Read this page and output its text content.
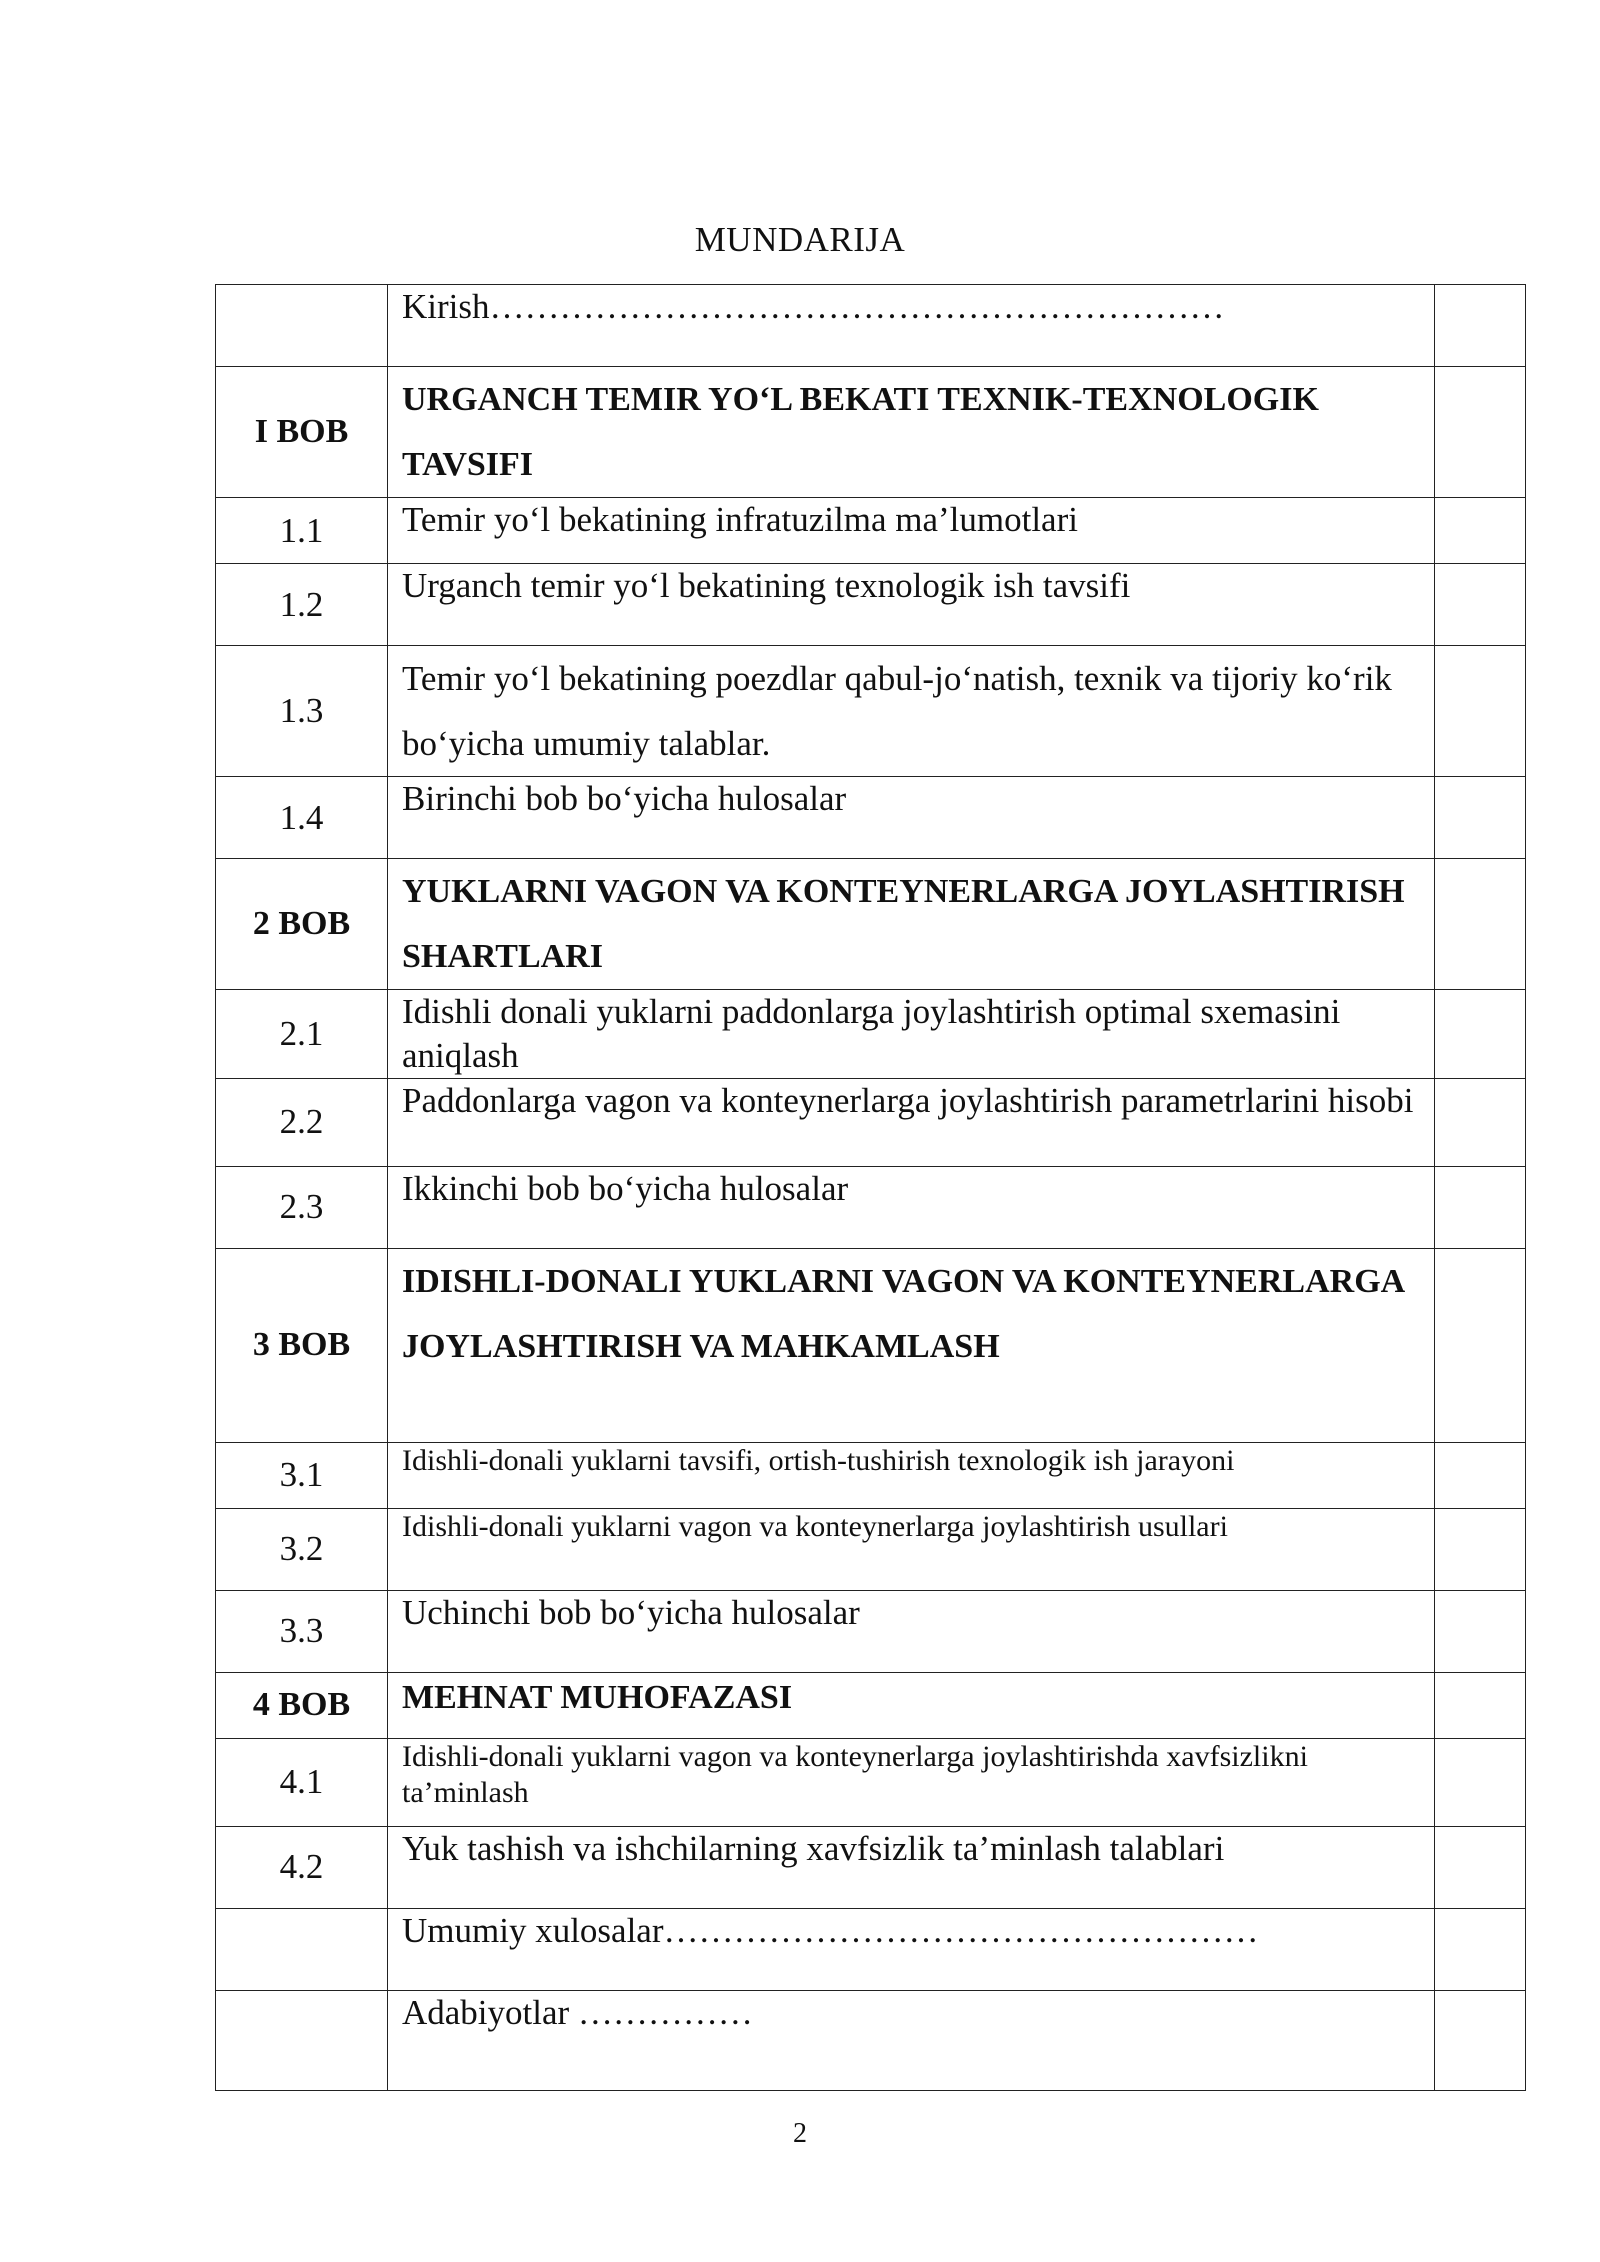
MUNDARIJA
	Kirish………………………………………………………	
I BOB	URGANCH TEMIR YO‘L BEKATI TEXNIK-TEXNOLOGIK TAVSIFI	
1.1	Temir yo‘l bekatining infratuzilma ma’lumotlari	
1.2	Urganch temir yo‘l bekatining texnologik ish tavsifi	
1.3	Temir yo‘l bekatining poezdlar qabul-jo‘natish, texnik va tijoriy ko‘rik bo‘yicha umumiy talablar.	
1.4	Birinchi bob bo‘yicha hulosalar	
2 BOB	YUKLARNI VAGON VA KONTEYNERLARGA JOYLASHTIRISH SHARTLARI	
2.1	Idishli donali yuklarni paddonlarga joylashtirish optimal sxemasini aniqlash	
2.2	Paddonlarga vagon va konteynerlarga joylashtirish parametrlarini hisobi	
2.3	Ikkinchi bob bo‘yicha hulosalar	
3 BOB	IDISHLI-DONALI YUKLARNI VAGON VA KONTEYNERLARGA JOYLASHTIRISH VA MAHKAMLASH	
3.1	Idishli-donali yuklarni tavsifi, ortish-tushirish texnologik ish jarayoni	
3.2	Idishli-donali yuklarni vagon va konteynerlarga joylashtirish usullari	
3.3	Uchinchi bob bo‘yicha hulosalar	
4 BOB	MEHNAT MUHOFAZASI	
4.1	Idishli-donali yuklarni vagon va konteynerlarga joylashtirishda xavfsizlikni ta’minlash	
4.2	Yuk tashish va ishchilarning xavfsizlik ta’minlash talablari	
	Umumiy xulosalar……………………………………………	
	Adabiyotlar ……………	
2
